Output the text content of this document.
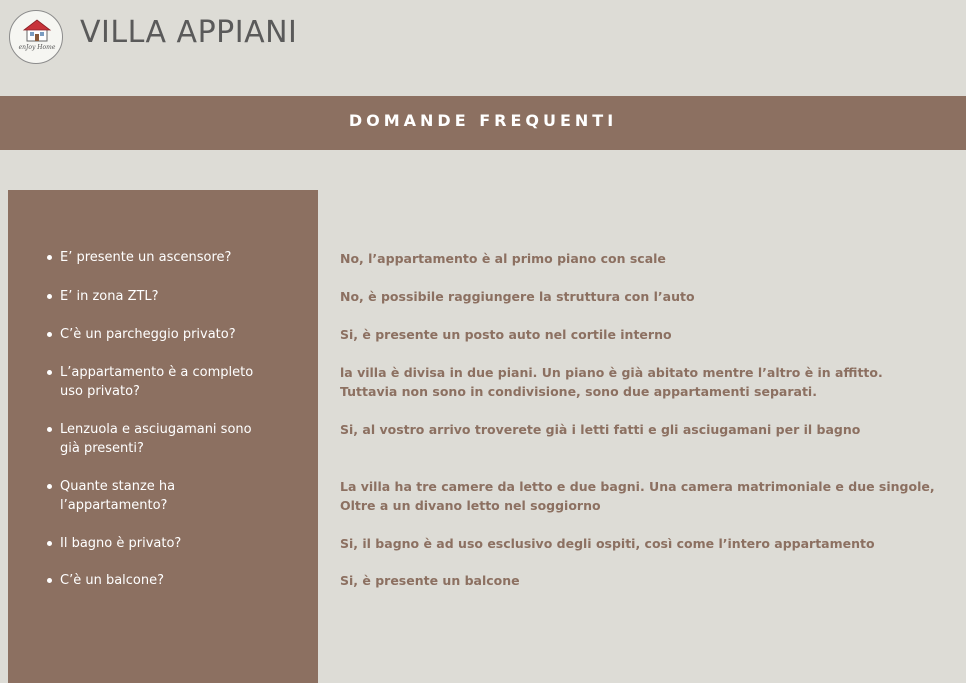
enJoy Home VILLA APPIANI
DOMANDE FREQUENTI
E’ presente un ascensore?
E’ in zona ZTL?
C’è un parcheggio privato?
L’appartamento è a completo uso privato?
Lenzuola e asciugamani sono già presenti?
Quante stanze ha l’appartamento?
Il bagno è privato?
C’è un balcone?
No, l’appartamento è al primo piano con scale
No, è possibile raggiungere la struttura con l’auto
Si, è presente un posto auto nel cortile interno
la villa è divisa in due piani. Un piano è già abitato mentre l’altro è in affitto. Tuttavia non sono in condivisione, sono due appartamenti separati.
Si, al vostro arrivo troverete già i letti fatti e gli asciugamani per il bagno
La villa ha tre camere da letto e due bagni. Una camera matrimoniale e due singole, Oltre a un divano letto nel soggiorno
Si, il bagno è ad uso esclusivo degli ospiti, così come l’intero appartamento
Si, è presente un balcone
